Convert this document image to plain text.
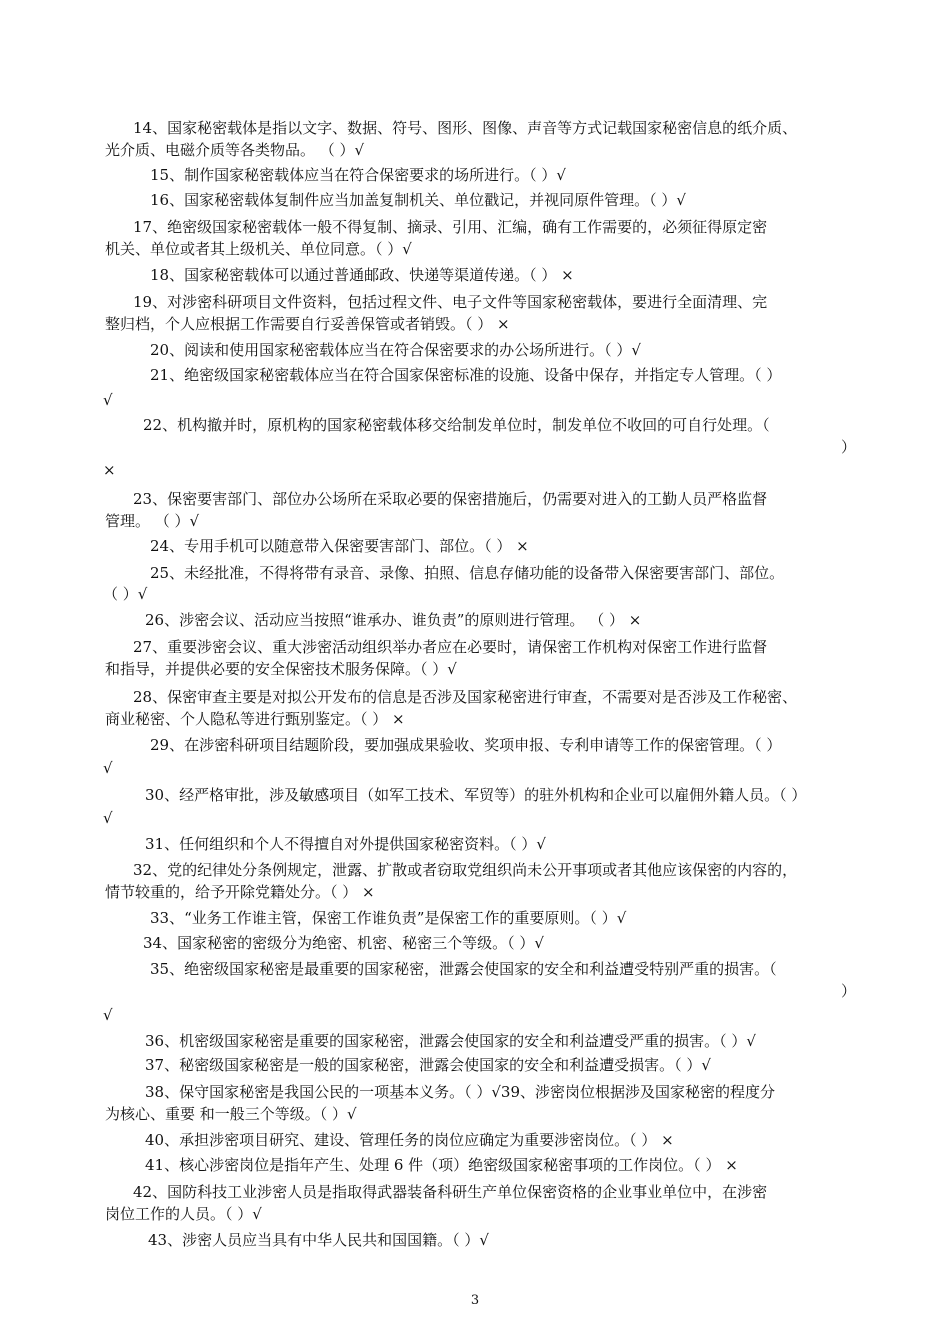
14、国家秘密载体是指以文字、数据、符号、图形、图像、声音等方式记载国家秘密信息的纸介质、
光介质、电磁介质等各类物品。 （ ）√
15、制作国家秘密载体应当在符合保密要求的场所进行。（ ）√
16、国家秘密载体复制件应当加盖复制机关、单位戳记，并视同原件管理。（ ）√
17、绝密级国家秘密载体一般不得复制、摘录、引用、汇编，确有工作需要的，必须征得原定密
机关、单位或者其上级机关、单位同意。（ ）√
18、国家秘密载体可以通过普通邮政、快递等渠道传递。（ ） ×
19、对涉密科研项目文件资料，包括过程文件、电子文件等国家秘密载体，要进行全面清理、完
整归档，个人应根据工作需要自行妥善保管或者销毁。（ ） ×
20、阅读和使用国家秘密载体应当在符合保密要求的办公场所进行。（ ）√
21、绝密级国家秘密载体应当在符合国家保密标准的设施、设备中保存，并指定专人管理。（ ）
√
22、机构撤并时，原机构的国家秘密载体移交给制发单位时，制发单位不收回的可自行处理。（
）
×
23、保密要害部门、部位办公场所在采取必要的保密措施后，仍需要对进入的工勤人员严格监督
管理。 （ ）√
24、专用手机可以随意带入保密要害部门、部位。（ ） ×
25、未经批准，不得将带有录音、录像、拍照、信息存储功能的设备带入保密要害部门、部位。
（ ）√
26、涉密会议、活动应当按照“谁承办、谁负责”的原则进行管理。 （ ） ×
27、重要涉密会议、重大涉密活动组织举办者应在必要时，请保密工作机构对保密工作进行监督
和指导，并提供必要的安全保密技术服务保障。（ ）√
28、保密审查主要是对拟公开发布的信息是否涉及国家秘密进行审查，不需要对是否涉及工作秘密、
商业秘密、个人隐私等进行甄别鉴定。（ ） ×
29、在涉密科研项目结题阶段，要加强成果验收、奖项申报、专利申请等工作的保密管理。（ ）
√
30、经严格审批，涉及敏感项目（如军工技术、军贸等）的驻外机构和企业可以雇佣外籍人员。（ ）
√
31、任何组织和个人不得擅自对外提供国家秘密资料。（ ）√
32、党的纪律处分条例规定，泄露、扩散或者窃取党组织尚未公开事项或者其他应该保密的内容的，
情节较重的，给予开除党籍处分。（ ） ×
33、“业务工作谁主管，保密工作谁负责”是保密工作的重要原则。（ ）√
34、国家秘密的密级分为绝密、机密、秘密三个等级。（ ）√
35、绝密级国家秘密是最重要的国家秘密，泄露会使国家的安全和利益遭受特别严重的损害。（
）
√
36、机密级国家秘密是重要的国家秘密，泄露会使国家的安全和利益遭受严重的损害。（ ）√
37、秘密级国家秘密是一般的国家秘密，泄露会使国家的安全和利益遭受损害。（ ）√
38、保守国家秘密是我国公民的一项基本义务。（ ）√39、涉密岗位根据涉及国家秘密的程度分
为核心、重要 和一般三个等级。（ ）√
40、承担涉密项目研究、建设、管理任务的岗位应确定为重要涉密岗位。（ ） ×
41、核心涉密岗位是指年产生、处理 6 件（项）绝密级国家秘密事项的工作岗位。（ ） ×
42、国防科技工业涉密人员是指取得武器装备科研生产单位保密资格的企业事业单位中，在涉密
岗位工作的人员。（ ）√
43、涉密人员应当具有中华人民共和国国籍。（ ）√
3
